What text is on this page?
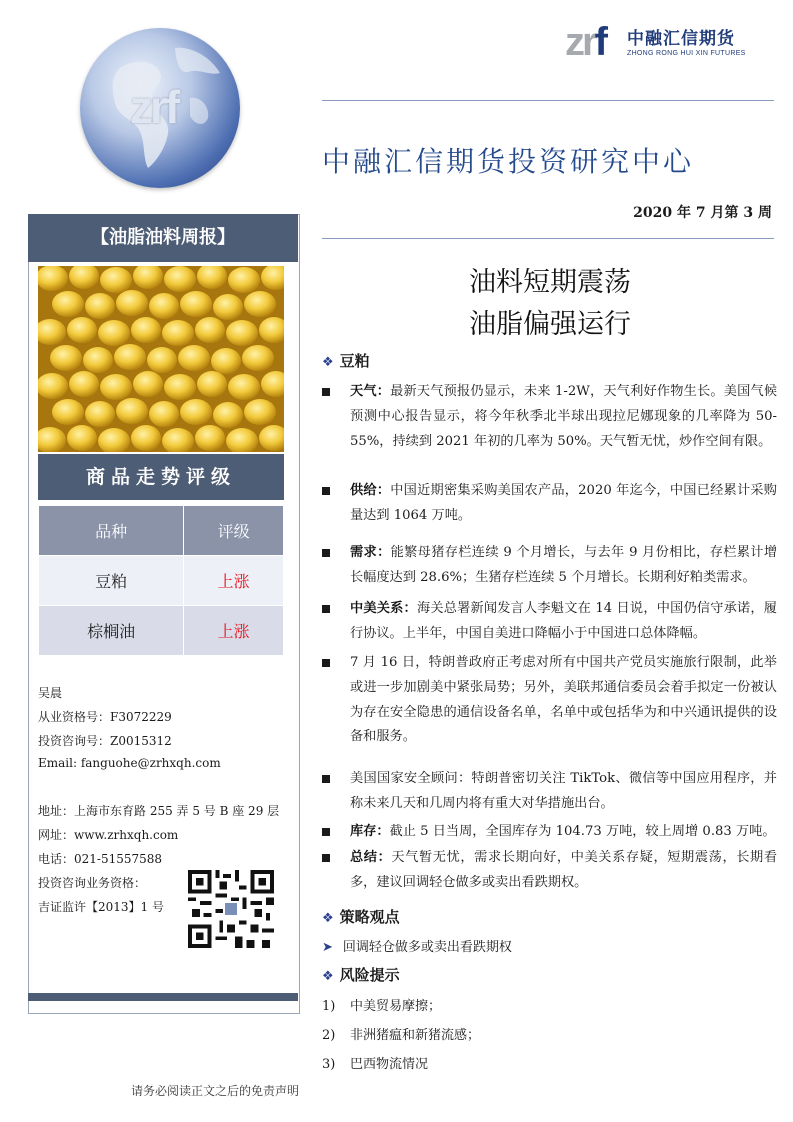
zrf
zrf 中融汇信期货
ZHONG RONG HUI XIN FUTURES
中融汇信期货投资研究中心
2020 年 7 月第 3 周
【油脂油料周报】
商品走势评级
品种	评级
豆粕	上涨
棕榈油	上涨
吴晨
从业资格号：F3072229
投资咨询号：Z0015312
Email: fanguohe@zrhxqh.com
地址：上海市东育路 255 弄 5 号 B 座 29 层
网址：www.zrhxqh.com
电话：021-51557588
投资咨询业务资格：
吉证监许【2013】1 号
油料短期震荡
油脂偏强运行
❖ 豆粕
天气：最新天气预报仍显示，未来 1-2W，天气利好作物生长。美国气候预测中心报告显示，将今年秋季北半球出现拉尼娜现象的几率降为 50-55%，持续到 2021 年初的几率为 50%。天气暂无忧，炒作空间有限。
供给：中国近期密集采购美国农产品，2020 年迄今，中国已经累计采购量达到 1064 万吨。
需求：能繁母猪存栏连续 9 个月增长，与去年 9 月份相比，存栏累计增长幅度达到 28.6%；生猪存栏连续 5 个月增长。长期利好粕类需求。
中美关系：海关总署新闻发言人李魁文在 14 日说，中国仍信守承诺，履行协议。上半年，中国自美进口降幅小于中国进口总体降幅。
7 月 16 日，特朗普政府正考虑对所有中国共产党员实施旅行限制，此举或进一步加剧美中紧张局势；另外，美联邦通信委员会着手拟定一份被认为存在安全隐患的通信设备名单，名单中或包括华为和中兴通讯提供的设备和服务。
美国国家安全顾问：特朗普密切关注 TikTok、微信等中国应用程序，并称未来几天和几周内将有重大对华措施出台。
库存：截止 5 日当周，全国库存为 104.73 万吨，较上周增 0.83 万吨。
总结：天气暂无忧，需求长期向好，中美关系存疑，短期震荡，长期看多，建议回调轻仓做多或卖出看跌期权。
❖ 策略观点
➤ 回调轻仓做多或卖出看跌期权
❖ 风险提示
1) 中美贸易摩擦；
2) 非洲猪瘟和新猪流感；
3) 巴西物流情况
请务必阅读正文之后的免责声明
